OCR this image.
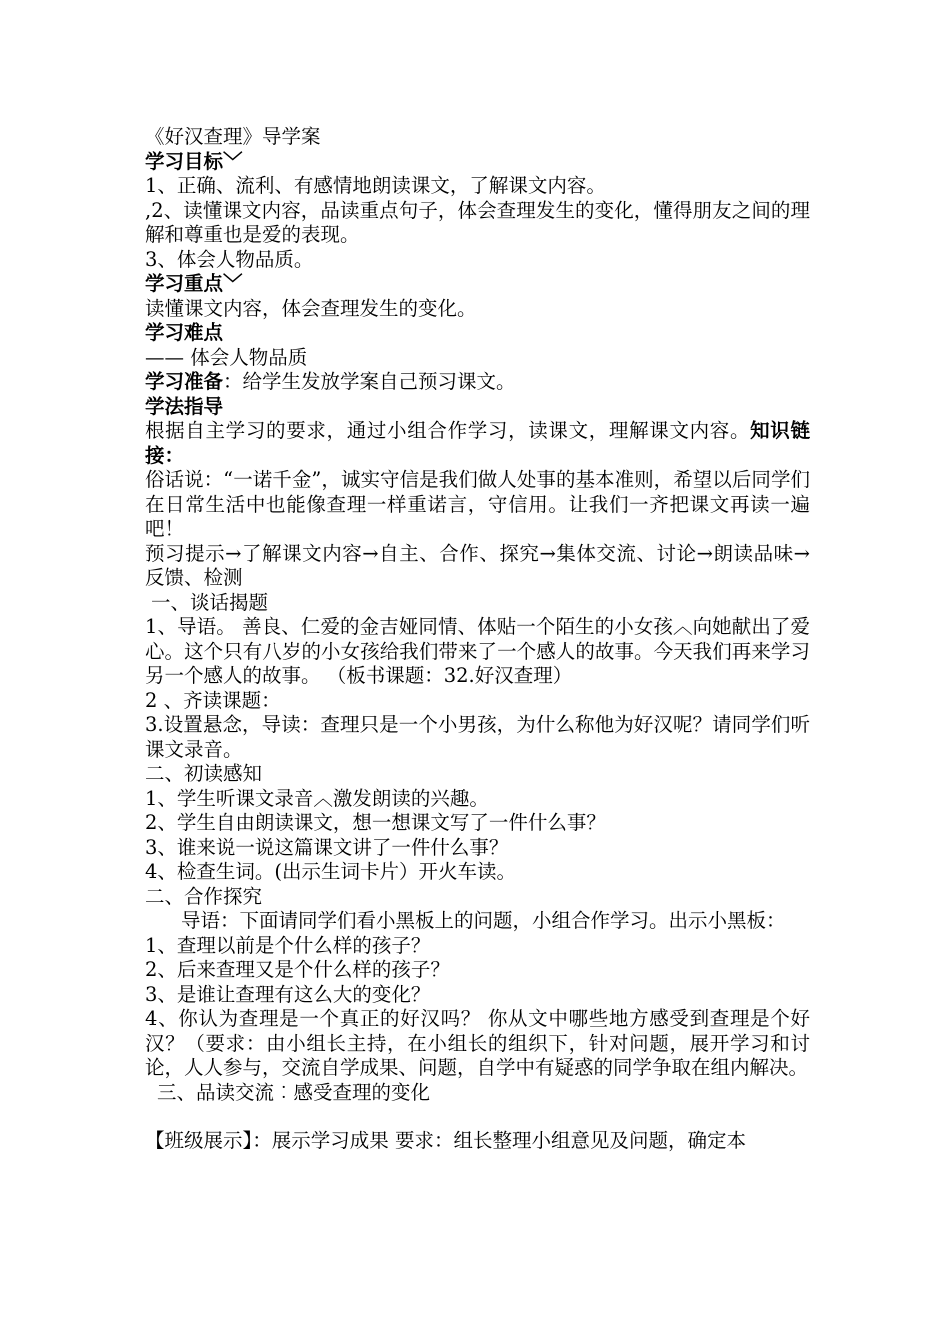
《好汉查理》导学案

学习目标﹀

1、正确、流利、有感情地朗读课文，了解课文内容。

,2、读懂课文内容，品读重点句子，体会查理发生的变化，懂得朋友之间的理解和尊重也是爱的表现。

3、体会人物品质。

学习重点﹀

读懂课文内容，体会查理发生的变化。

学习难点

—— 体会人物品质

学习准备：给学生发放学案自己预习课文。

学法指导

根据自主学习的要求，通过小组合作学习，读课文，理解课文内容。知识链接：

俗话说：“一诺千金”，诚实守信是我们做人处事的基本准则，希望以后同学们在日常生活中也能像查理一样重诺言，守信用。让我们一齐把课文再读一遍吧！

预习提示→了解课文内容→自主、合作、探究→集体交流、讨论→朗读品味→反馈、检测

一、谈话揭题

1、导语。 善良、仁爱的金吉娅同情、体贴一个陌生的小女孩︿向她献出了爱心。这个只有八岁的小女孩给我们带来了一个感人的故事。今天我们再来学习另一个感人的故事。 （板书课题：32.好汉查理）

2 、齐读课题：

3.设置悬念，导读：查理只是一个小男孩，为什么称他为好汉呢？请同学们听课文录音。

二、初读感知

1、学生听课文录音︿激发朗读的兴趣。

2、学生自由朗读课文，想一想课文写了一件什么事？

3、谁来说一说这篇课文讲了一件什么事？

4、检查生词。(出示生词卡片）开火车读。

二、合作探究

导语：下面请同学们看小黑板上的问题，小组合作学习。出示小黑板：

1、查理以前是个什么样的孩子？

2、后来查理又是个什么样的孩子？

3、是谁让查理有这么大的变化？

4、你认为查理是一个真正的好汉吗？ 你从文中哪些地方感受到查理是个好汉？（要求：由小组长主持，在小组长的组织下，针对问题，展开学习和讨论，人人参与，交流自学成果、问题，自学中有疑惑的同学争取在组内解决。

三、品读交流︰感受查理的变化

【班级展示】：展示学习成果 要求：组长整理小组意见及问题，确定本
